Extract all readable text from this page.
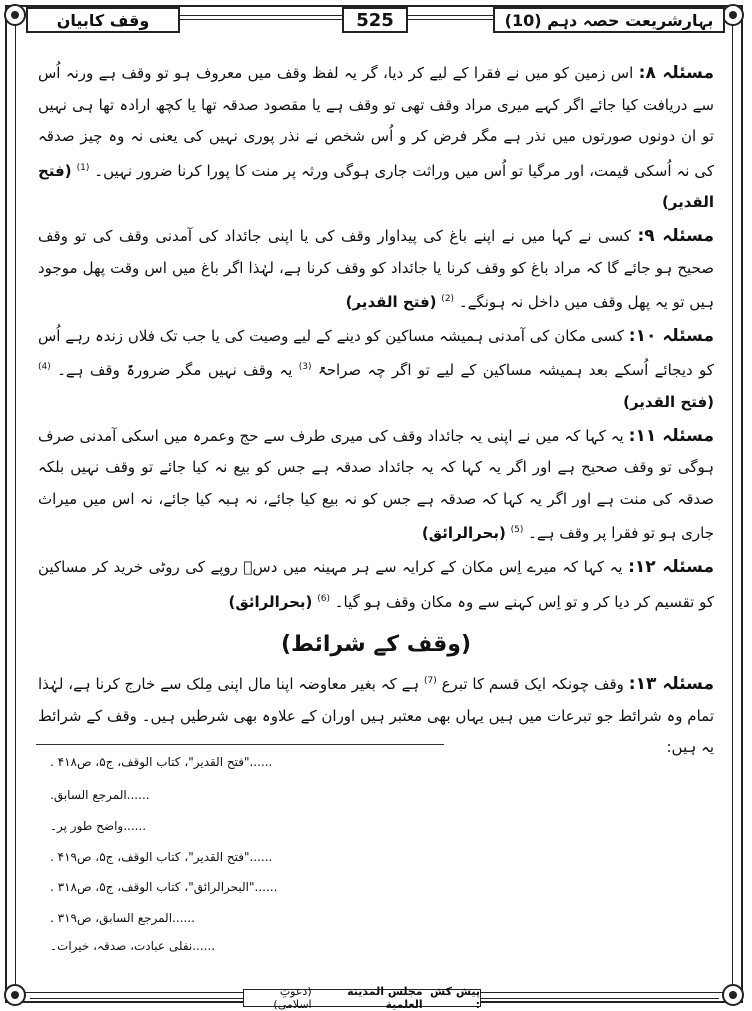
بہارِشریعت حصہ دہم (10)
525
وقف کابیان

مسئلہ ۸: اس زمین کو میں نے فقرا کے لیے کر دیا، گر یہ لفظ وقف میں معروف ہو تو وقف ہے ورنہ اُس سے دریافت کیا جائے اگر کہے میری مراد وقف تھی تو وقف ہے یا مقصود صدقہ تھا یا کچھ ارادہ تھا ہی نہیں تو ان دونوں صورتوں میں نذر ہے مگر فرض کر و اُس شخص نے نذر پوری نہیں کی یعنی نہ وہ چیز صدقہ کی نہ اُسکی قیمت، اور مرگیا تو اُس میں وراثت جاری ہوگی ورثہ پر منت کا پورا کرنا ضرور نہیں۔ $^{(1)}$ (فتح القدیر)

مسئلہ ۹: کسی نے کہا میں نے اپنے باغ کی پیداوار وقف کی یا اپنی جائداد کی آمدنی وقف کی تو وقف صحیح ہو جائے گا کہ مراد باغ کو وقف کرنا یا جائداد کو وقف کرنا ہے، لہٰذا اگر باغ میں اس وقت پھل موجود ہیں تو یہ پھل وقف میں داخل نہ ہونگے۔ $^{(2)}$ (فتح القدیر)

مسئلہ ۱۰: کسی مکان کی آمدنی ہمیشہ مساکین کو دینے کے لیے وصیت کی یا جب تک فلاں زندہ رہے اُس کو دیجائے اُسکے بعد ہمیشہ مساکین کے لیے تو اگر چہ صراحۃً $^{(3)}$ یہ وقف نہیں مگر ضرورۃً وقف ہے۔ $^{(4)}$ (فتح القدیر)

مسئلہ ۱۱: یہ کہا کہ میں نے اپنی یہ جائداد وقف کی میری طرف سے حج وعمرہ میں اسکی آمدنی صرف ہوگی تو وقف صحیح ہے اور اگر یہ کہا کہ یہ جائداد صدقہ ہے جس کو بیع نہ کیا جائے تو وقف نہیں بلکہ صدقہ کی منت ہے اور اگر یہ کہا کہ صدقہ ہے جس کو نہ بیع کیا جائے، نہ ہبہ کیا جائے، نہ اس میں میراث جاری ہو تو فقرا پر وقف ہے۔ $^{(5)}$ (بحرالرائق)

مسئلہ ۱۲: یہ کہا کہ میرے اِس مکان کے کرایہ سے ہر مہینہ میں دسؔ روپے کی روٹی خرید کر مساکین کو تقسیم کر دیا کر و تو اِس کہنے سے وہ مکان وقف ہو گیا۔ $^{(6)}$ (بحرالرائق)

(وقف کے شرائط)

مسئلہ ۱۳: وقف چونکہ ایک قسم کا تبرع $^{(7)}$ ہے کہ بغیر معاوضہ اپنا مال اپنی مِلک سے خارج کرنا ہے، لہٰذا تمام وہ شرائط جو تبرعات میں ہیں یہاں بھی معتبر ہیں اوران کے علاوہ بھی شرطیں ہیں۔ وقف کے شرائط یہ ہیں:

......"فتح القدیر"، کتاب الوقف، ج۵، ص۴۱۸ .
......المرجع السابق.
......واضح طور پر۔
......"فتح القدیر"، کتاب الوقف، ج۵، ص۴۱۹ .
......"البحرالرائق"، کتاب الوقف، ج۵، ص۳۱۸ .
......المرجع السابق، ص۳۱۹ .
......نفلی عبادت، صدقہ، خیرات۔
پیش کش :

مجلس المدینة العلمیة

(دعوتِ اسلامی)
